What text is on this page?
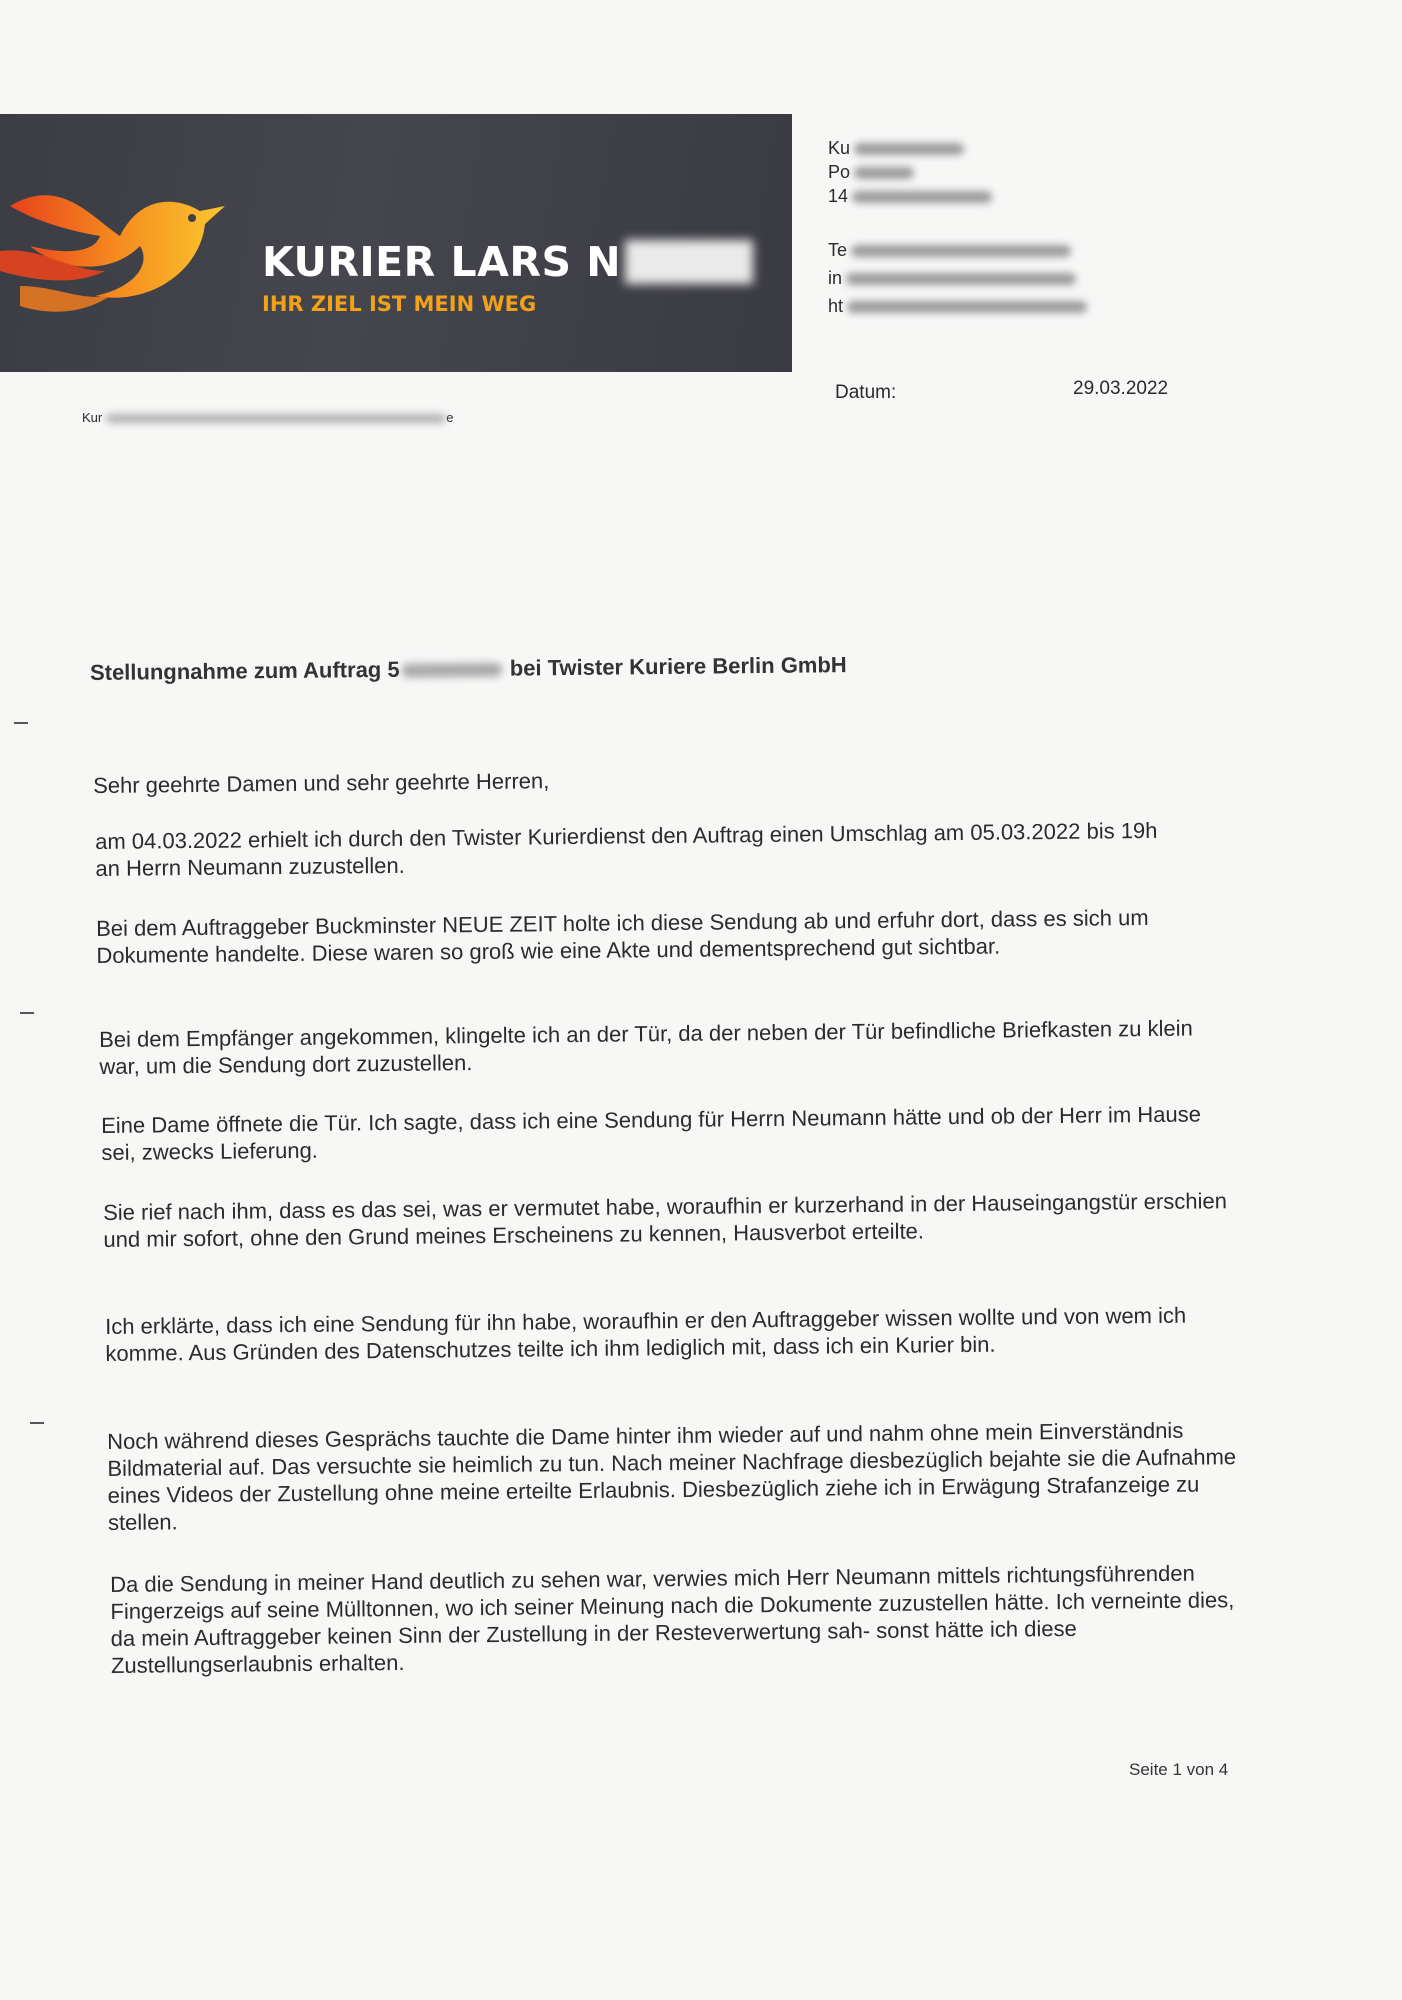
KURIER LARS N
IHR ZIEL IST MEIN WEG
Ku
Po
14
Te
in
ht
Datum:	29.03.2022
Kur	e
Stellungnahme zum Auftrag 5	bei Twister Kuriere Berlin GmbH
Sehr geehrte Damen und sehr geehrte Herren,
am 04.03.2022 erhielt ich durch den Twister Kurierdienst den Auftrag einen Umschlag am 05.03.2022 bis 19h an Herrn Neumann zuzustellen.
Bei dem Auftraggeber Buckminster NEUE ZEIT holte ich diese Sendung ab und erfuhr dort, dass es sich um Dokumente handelte. Diese waren so groß wie eine Akte und dementsprechend gut sichtbar.
Bei dem Empfänger angekommen, klingelte ich an der Tür, da der neben der Tür befindliche Briefkasten zu klein war, um die Sendung dort zuzustellen.
Eine Dame öffnete die Tür. Ich sagte, dass ich eine Sendung für Herrn Neumann hätte und ob der Herr im Hause sei, zwecks Lieferung.
Sie rief nach ihm, dass es das sei, was er vermutet habe, woraufhin er kurzerhand in der Hauseingangstür erschien und mir sofort, ohne den Grund meines Erscheinens zu kennen, Hausverbot erteilte.
Ich erklärte, dass ich eine Sendung für ihn habe, woraufhin er den Auftraggeber wissen wollte und von wem ich komme. Aus Gründen des Datenschutzes teilte ich ihm lediglich mit, dass ich ein Kurier bin.
Noch während dieses Gesprächs tauchte die Dame hinter ihm wieder auf und nahm ohne mein Einverständnis Bildmaterial auf. Das versuchte sie heimlich zu tun. Nach meiner Nachfrage diesbezüglich bejahte sie die Aufnahme eines Videos der Zustellung ohne meine erteilte Erlaubnis. Diesbezüglich ziehe ich in Erwägung Strafanzeige zu stellen.
Da die Sendung in meiner Hand deutlich zu sehen war, verwies mich Herr Neumann mittels richtungsführenden Fingerzeigs auf seine Mülltonnen, wo ich seiner Meinung nach die Dokumente zuzustellen hätte. Ich verneinte dies, da mein Auftraggeber keinen Sinn der Zustellung in der Resteverwertung sah- sonst hätte ich diese Zustellungserlaubnis erhalten.
Seite 1 von 4
